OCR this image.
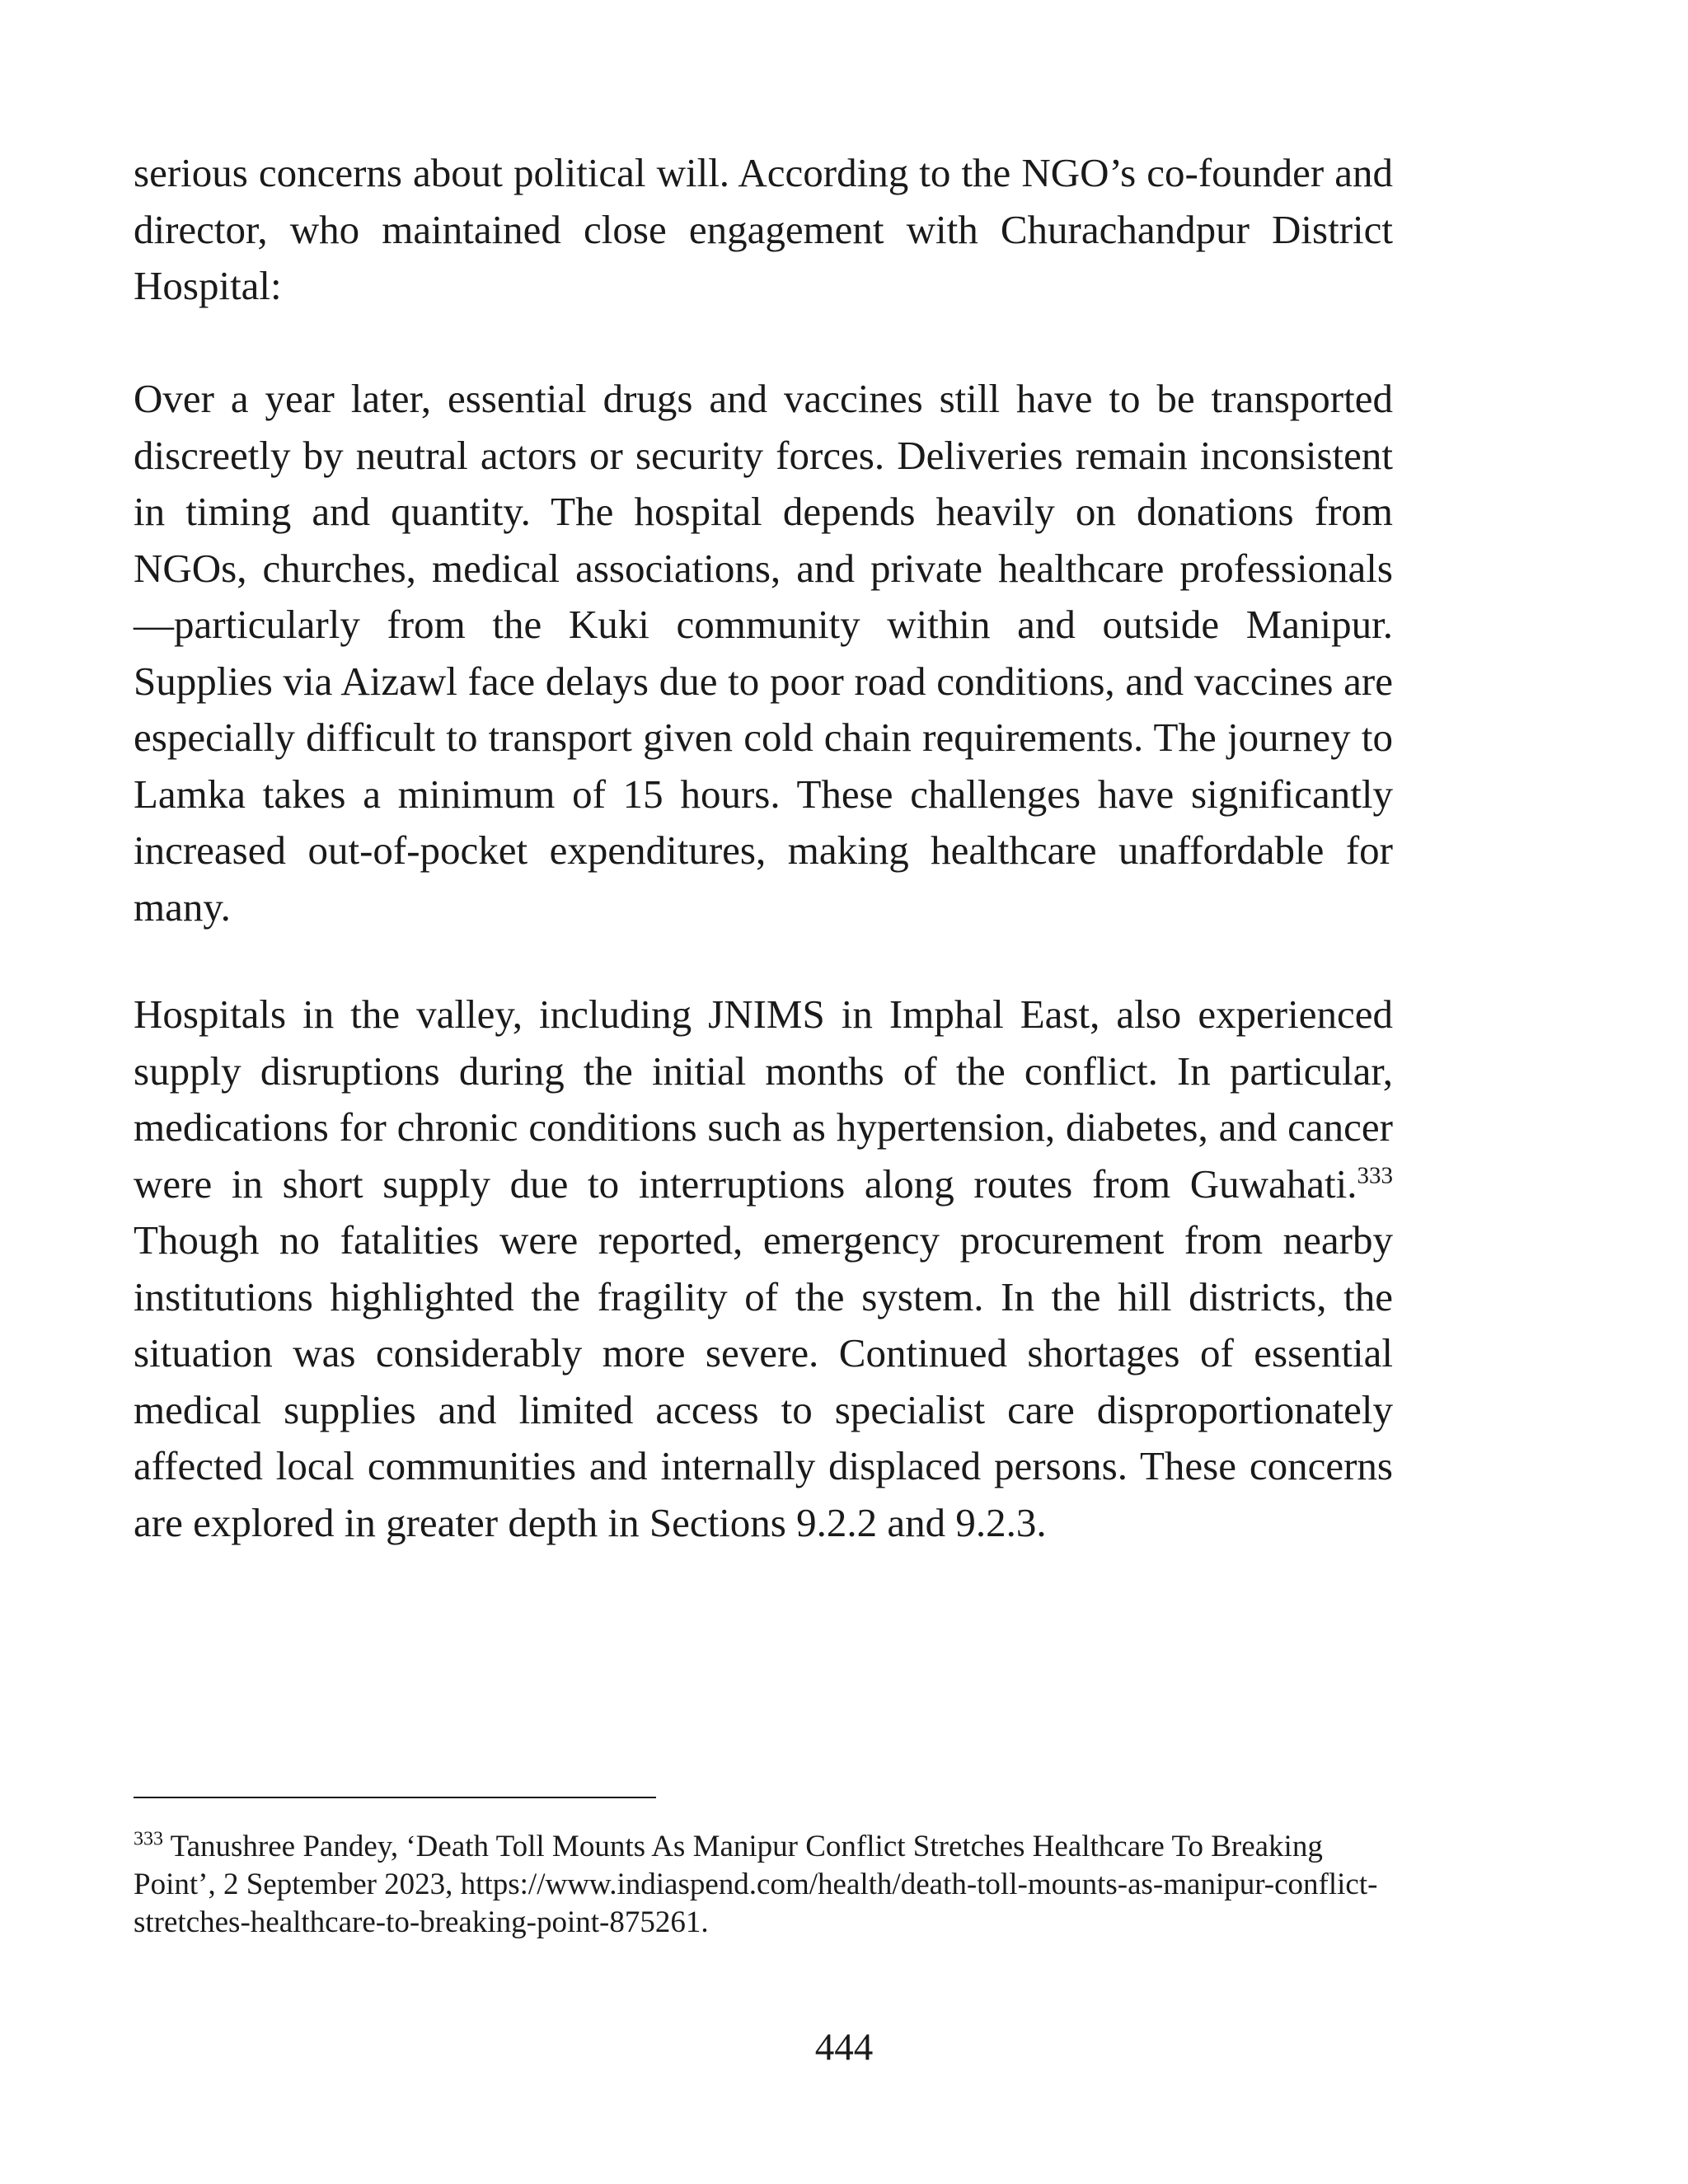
serious concerns about political will. According to the NGO’s co-founder and director, who maintained close engagement with Churachandpur District Hospital:

Over a year later, essential drugs and vaccines still have to be transported discreetly by neutral actors or security forces. Deliveries remain inconsistent in timing and quantity. The hospital depends heavily on donations from NGOs, churches, medical associations, and private healthcare professionals—particularly from the Kuki community within and outside Manipur. Supplies via Aizawl face delays due to poor road conditions, and vaccines are especially difficult to transport given cold chain requirements. The journey to Lamka takes a minimum of 15 hours. These challenges have significantly increased out-of-pocket expenditures, making healthcare unaffordable for many.

Hospitals in the valley, including JNIMS in Imphal East, also experienced supply disruptions during the initial months of the conflict. In particular, medications for chronic conditions such as hypertension, diabetes, and cancer were in short supply due to interruptions along routes from Guwahati.$^{333}$ Though no fatalities were reported, emergency procurement from nearby institutions highlighted the fragility of the system. In the hill districts, the situation was considerably more severe. Continued shortages of essential medical supplies and limited access to specialist care disproportionately affected local communities and internally displaced persons. These concerns are explored in greater depth in Sections 9.2.2 and 9.2.3.

$^{333}$ Tanushree Pandey, ‘Death Toll Mounts As Manipur Conflict Stretches Healthcare To Breaking Point’, 2 September 2023, https://www.indiaspend.com/health/death-toll-mounts-as-manipur-conflict-stretches-healthcare-to-breaking-point-875261.

444
